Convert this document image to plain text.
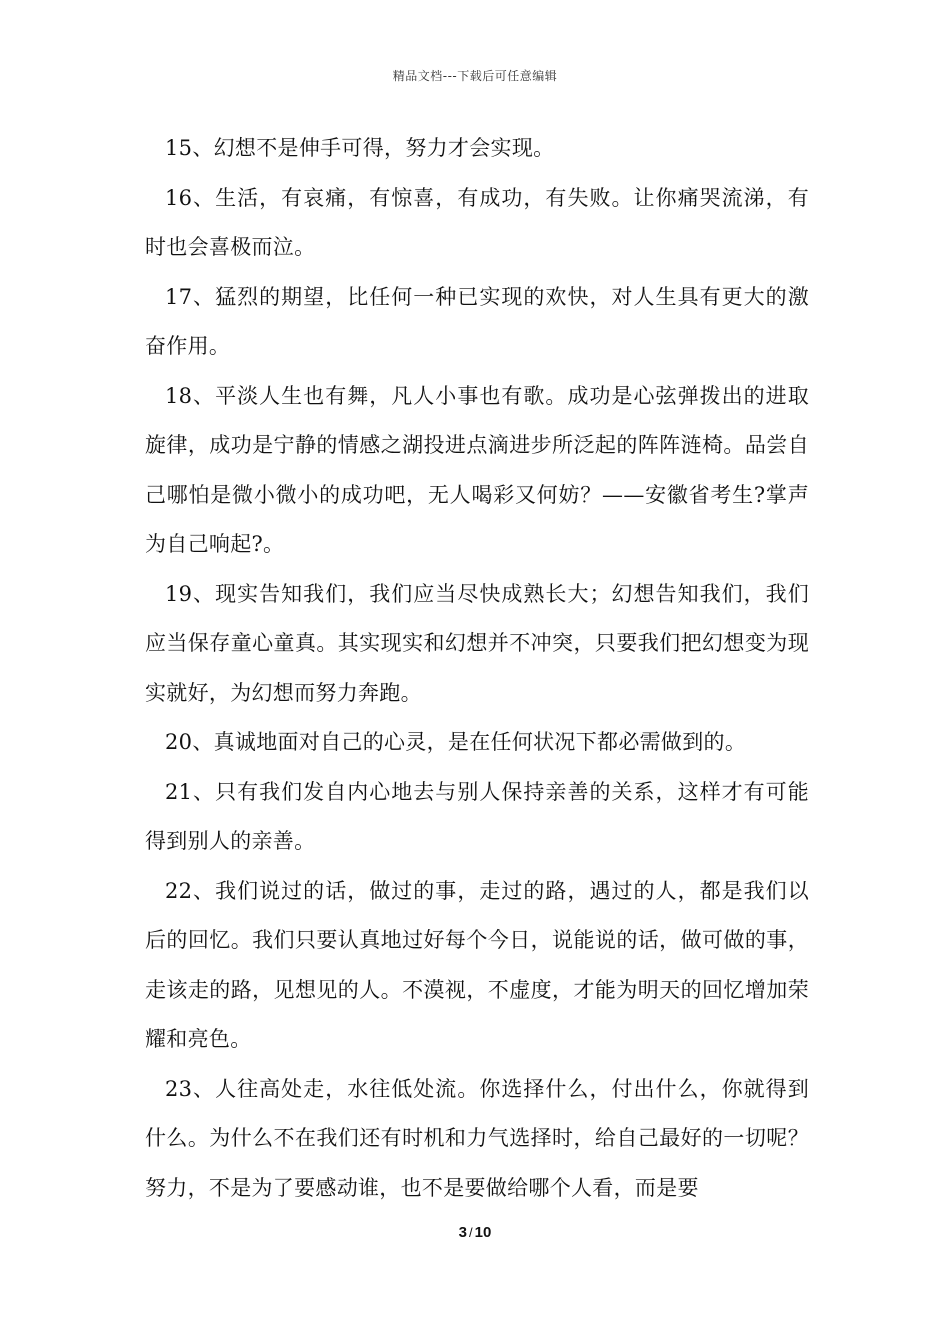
精品文档---下载后可任意编辑

15、幻想不是伸手可得，努力才会实现。

16、生活，有哀痛，有惊喜，有成功，有失败。让你痛哭流涕，有时也会喜极而泣。

17、猛烈的期望，比任何一种已实现的欢快，对人生具有更大的激奋作用。

18、平淡人生也有舞，凡人小事也有歌。成功是心弦弹拨出的进取旋律，成功是宁静的情感之湖投进点滴进步所泛起的阵阵涟椅。品尝自己哪怕是微小微小的成功吧，无人喝彩又何妨？——安徽省考生?掌声为自己响起?。

19、现实告知我们，我们应当尽快成熟长大；幻想告知我们，我们应当保存童心童真。其实现实和幻想并不冲突，只要我们把幻想变为现实就好，为幻想而努力奔跑。

20、真诚地面对自己的心灵，是在任何状况下都必需做到的。

21、只有我们发自内心地去与别人保持亲善的关系，这样才有可能得到别人的亲善。

22、我们说过的话，做过的事，走过的路，遇过的人，都是我们以后的回忆。我们只要认真地过好每个今日，说能说的话，做可做的事，走该走的路，见想见的人。不漠视，不虚度，才能为明天的回忆增加荣耀和亮色。

23、人往高处走，水往低处流。你选择什么，付出什么，你就得到什么。为什么不在我们还有时机和力气选择时，给自己最好的一切呢？努力，不是为了要感动谁，也不是要做给哪个人看，而是要

3 / 10
